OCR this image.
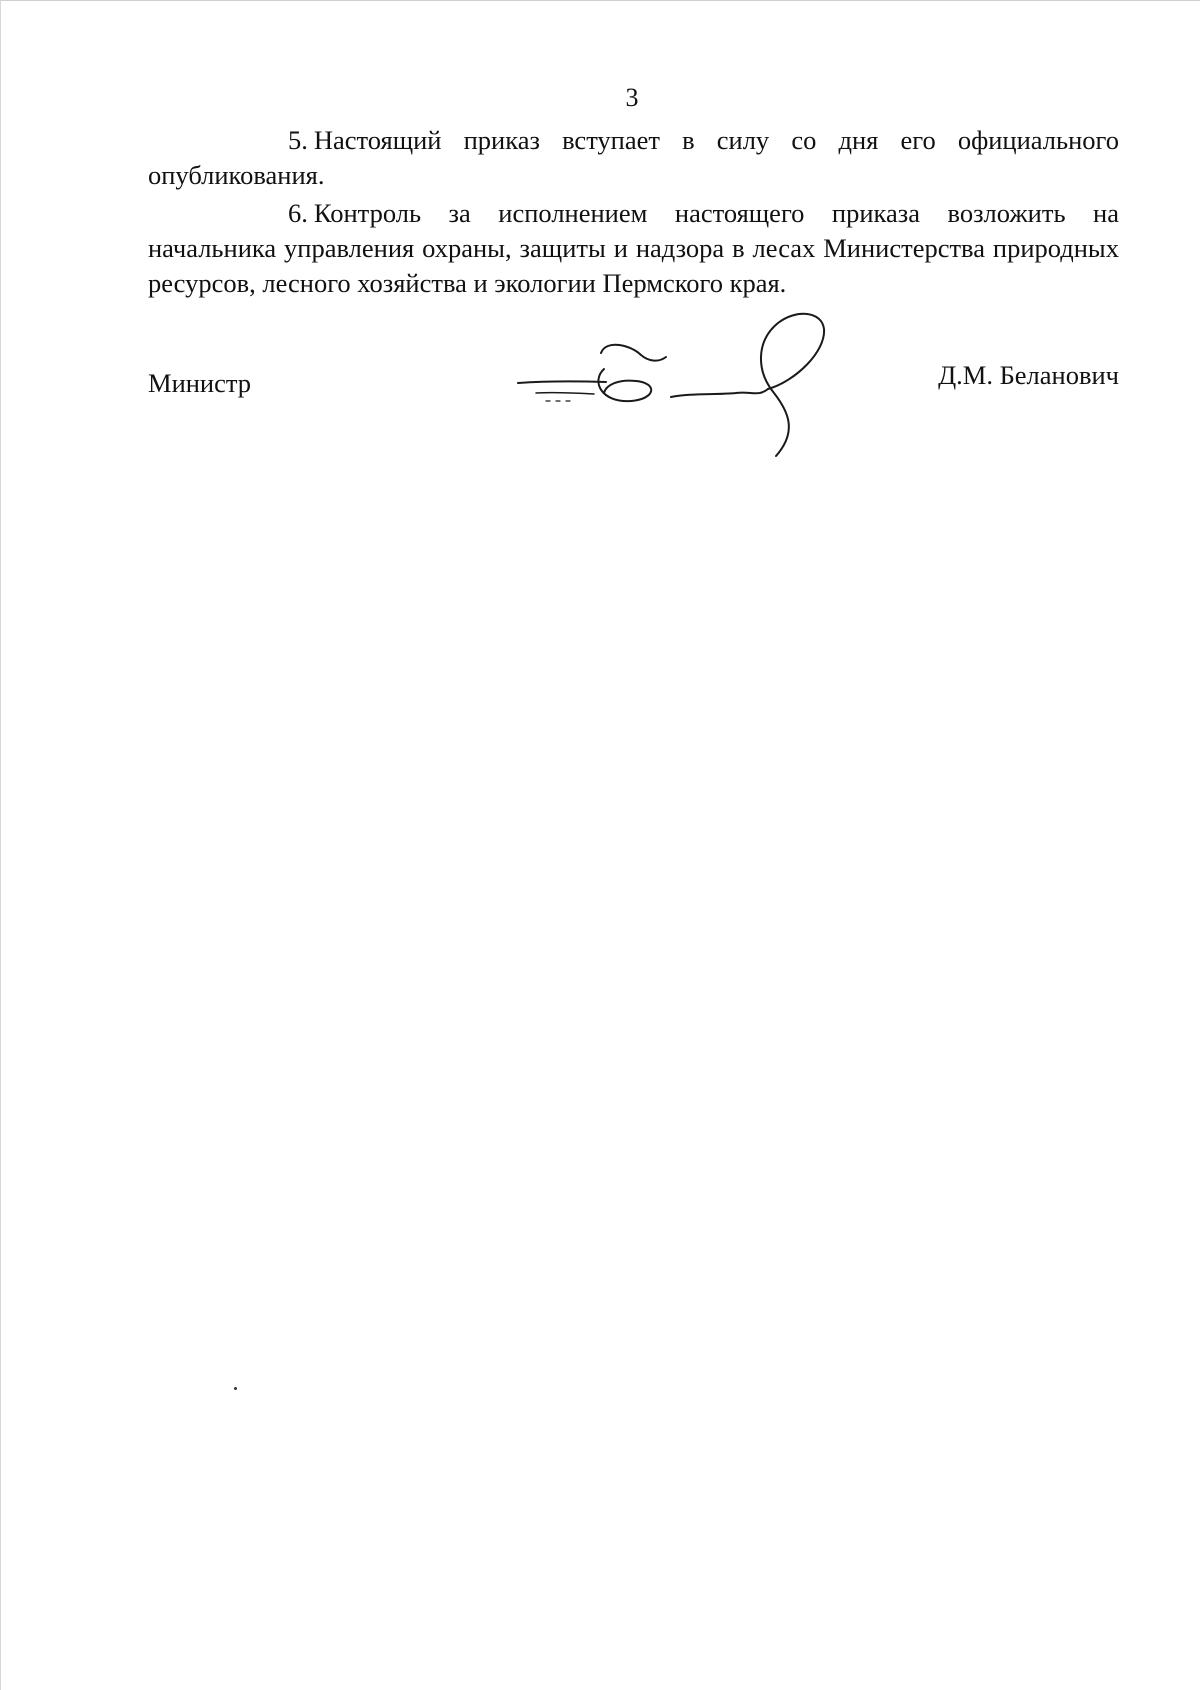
3

5. Настоящий приказ вступает в силу со дня его официального опубликования.

6. Контроль за исполнением настоящего приказа возложить на начальника управления охраны, защиты и надзора в лесах Министерства природных ресурсов, лесного хозяйства и экологии Пермского края.

Министр	Д.М. Беланович
